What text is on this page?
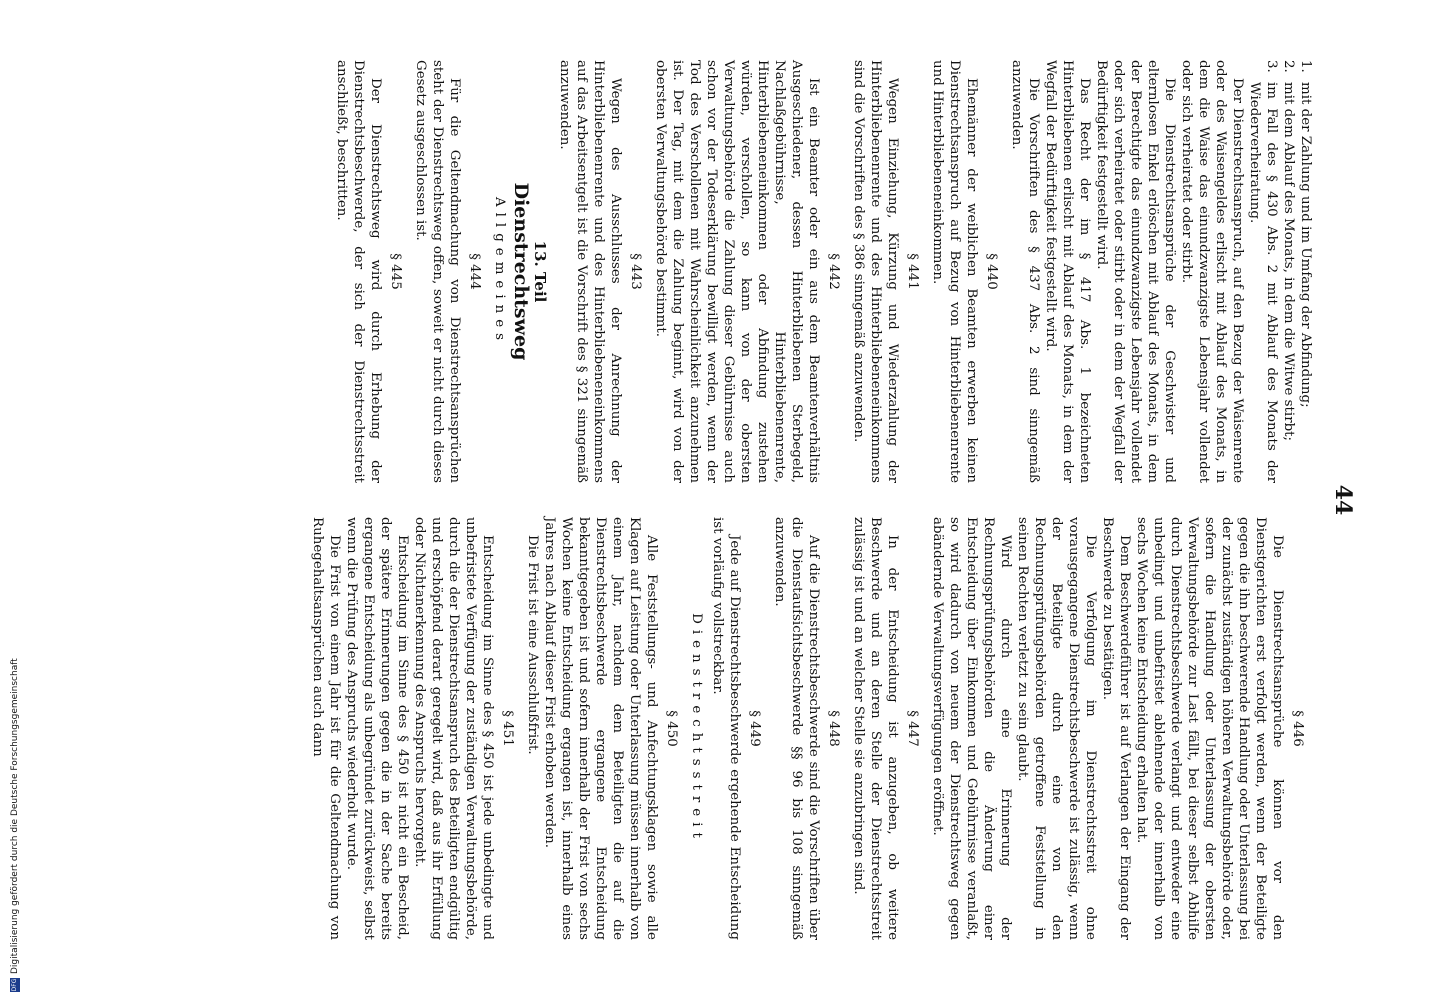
44

1.mit der Zahlung und im Umfang der Abfindung;

2.mit dem Ablauf des Monats, in dem die Witwe stirbt;

3.im Fall des § 430 Abs. 2 mit Ablauf des Monats der Wiederverheiratung.

Der Dienstrechtsanspruch, auf den Bezug der Waisenrente oder des Waisengeldes erlischt mit Ablauf des Monats, in dem die Waise das einundzwanzigste Lebensjahr vollendet oder sich verheiratet oder stirbt.

Die Dienstrechtsansprüche der Geschwister und elternlosen Enkel erlöschen mit Ablauf des Monats, in dem der Berechtigte das einundzwanzigste Lebensjahr vollendet oder sich verheiratet oder stirbt oder in dem der Wegfall der Bedürftigkeit festgestellt wird.

Das Recht der im § 417 Abs. 1 bezeichneten Hinterbliebenen erlischt mit Ablauf des Monats, in dem der Wegfall der Bedürftigkeit festgestellt wird.

Die Vorschriften des § 437 Abs. 2 sind sinngemäß anzuwenden.

§ 440

Ehemänner der weiblichen Beamten erwerben keinen Dienstrechtsanspruch auf Bezug von Hinterbliebenenrente und Hinterbliebeneneinkommen.

§ 441

Wegen Einziehung, Kürzung und Wiederzahlung der Hinterbliebenenrente und des Hinterbliebeneneinkommens sind die Vorschriften des § 386 sinngemäß anzuwenden.

§ 442

Ist ein Beamter oder ein aus dem Beamtenverhältnis Ausgeschiedener, dessen Hinterbliebenen Sterbegeld, Nachlaßgebührnisse, Hinterbliebenenrente, Hinterbliebeneneinkommen oder Abfindung zustehen würden, verschollen, so kann von der obersten Verwaltungsbehörde die Zahlung dieser Gebührnisse auch schon vor der Todeserklärung bewilligt werden, wenn der Tod des Verschollenen mit Wahrscheinlichkeit anzunehmen ist. Der Tag, mit dem die Zahlung beginnt, wird von der obersten Verwaltungsbehörde bestimmt.

§ 443

Wegen des Ausschlusses der Anrechnung der Hinterbliebenenrente und des Hinterbliebeneneinkommens auf das Arbeitsentgelt ist die Vorschrift des § 321 sinngemäß anzuwenden.

13. Teil
Dienstrechtsweg
Allgemeines
§ 444

Für die Geltendmachung von Dienstrechtsansprüchen steht der Dienstrechtsweg offen, soweit er nicht durch dieses Gesetz ausgeschlossen ist.

§ 445

Der Dienstrechtsweg wird durch Erhebung der Dienstrechtsbeschwerde, der sich der Dienstrechtsstreit anschließt, beschritten.

§ 446

Die Dienstrechtsansprüche können vor den Dienstgerichten erst verfolgt werden, wenn der Beteiligte gegen die ihn beschwerende Handlung oder Unterlassung bei der zunächst zuständigen höheren Verwaltungsbehörde oder, sofern die Handlung oder Unterlassung der obersten Verwaltungsbehörde zur Last fällt, bei dieser selbst Abhilfe durch Dienstrechtsbeschwerde verlangt und entweder eine unbedingt und unbefristet ablehnende oder innerhalb von sechs Wochen keine Entscheidung erhalten hat.

Dem Beschwerdeführer ist auf Verlangen der Eingang der Beschwerde zu bestätigen.

Die Verfolgung im Dienstrechtsstreit ohne vorausgegangene Dienstrechtsbeschwerde ist zulässig, wenn der Beteiligte durch eine von den Rechnungsprüfungsbehörden getroffene Feststellung in seinen Rechten verletzt zu sein glaubt.

Wird durch eine Erinnerung der Rechnungsprüfungsbehörden die Änderung einer Entscheidung über Einkommen und Gebührnisse veranlaßt, so wird dadurch von neuem der Dienstrechtsweg gegen abändernde Verwaltungsverfügungen eröffnet.

§ 447

In der Entscheidung ist anzugeben, ob weitere Beschwerde und an deren Stelle der Dienstrechtsstreit zulässig ist und an welcher Stelle sie anzubringen sind.

§ 448

Auf die Dienstrechtsbeschwerde sind die Vorschriften über die Dienstaufsichtsbeschwerde §§ 96 bis 108 sinngemäß anzuwenden.

§ 449

Jede auf Dienstrechtsbeschwerde ergehende Entscheidung ist vorläufig vollstreckbar.

Dienstrechtsstreit
§ 450

Alle Feststellungs- und Anfechtungsklagen sowie alle Klagen auf Leistung oder Unterlassung müssen innerhalb von einem Jahr, nachdem dem Beteiligten die auf die Dienstrechtsbeschwerde ergangene Entscheidung bekanntgegeben ist und sofern innerhalb der Frist von sechs Wochen keine Entscheidung ergangen ist, innerhalb eines Jahres nach Ablauf dieser Frist erhoben werden.

Die Frist ist eine Ausschlußfrist.

§ 451

Entscheidung im Sinne des § 450 ist jede unbedingte und unbefristete Verfügung der zuständigen Verwaltungsbehörde, durch die der Dienstrechtsanspruch des Beteiligten endgültig und erschöpfend derart geregelt wird, daß aus ihr Erfüllung oder Nichtanerkennung des Anspruchs hervorgeht.

Entscheidung im Sinne des § 450 ist nicht ein Bescheid, der spätere Erinnerungen gegen die in der Sache bereits ergangene Entscheidung als unbegründet zurückweist, selbst wenn die Prüfung des Anspruchs wiederholt wurde.

Die Frist von einem Jahr ist für die Geltendmachung von Ruhegehaltsansprüchen auch dann

DFGDigitalisierung gefördert durch die Deutsche Forschungsgemeinschaft
